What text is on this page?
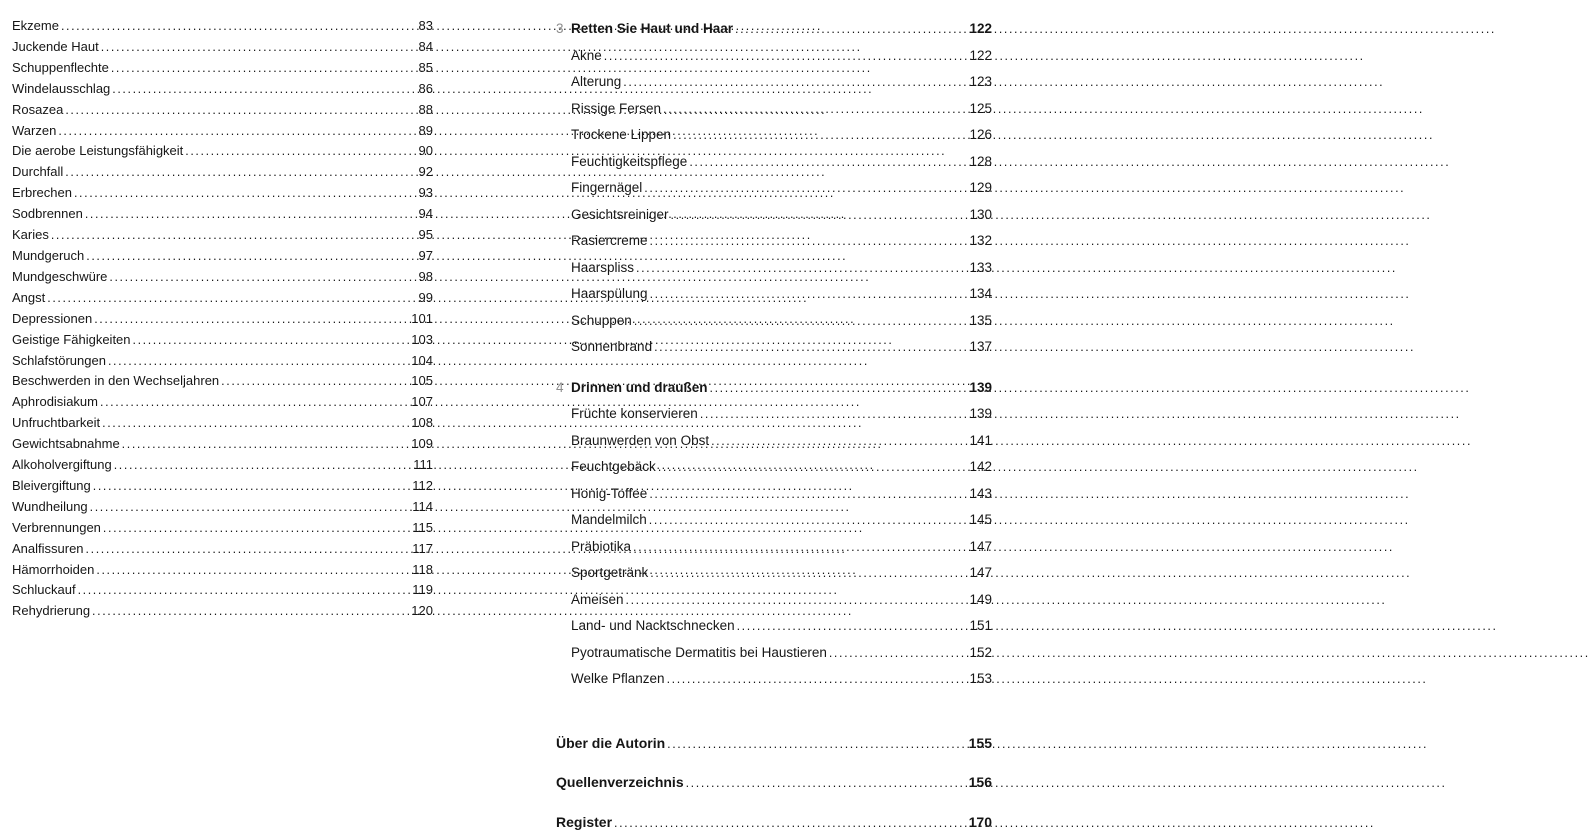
Ekzeme .....	83
Juckende Haut .....	84
Schuppenflechte .....	85
Windelausschlag .....	86
Rosazea .....	88
Warzen .....	89
Die aerobe Leistungsfähigkeit .....	90
Durchfall .....	92
Erbrechen .....	93
Sodbrennen .....	94
Karies .....	95
Mundgeruch .....	97
Mundgeschwüre .....	98
Angst .....	99
Depressionen .....	101
Geistige Fähigkeiten .....	103
Schlafstörungen .....	104
Beschwerden in den Wechseljahren .....	105
Aphrodisiakum .....	107
Unfruchtbarkeit .....	108
Gewichtsabnahme .....	109
Alkoholvergiftung .....	111
Bleivergiftung .....	112
Wundheilung .....	114
Verbrennungen .....	115
Analfissuren .....	117
Hämorrhoiden .....	118
Schluckauf .....	119
Rehydrierung .....	120
3 Retten Sie Haut und Haar .....	122
Akne .....	122
Alterung .....	123
Rissige Fersen .....	125
Trockene Lippen .....	126
Feuchtigkeitspflege .....	128
Fingernägel .....	129
Gesichtsreiniger .....	130
Rasiercreme .....	132
Haarspliss .....	133
Haarspülung .....	134
Schuppen .....	135
Sonnenbrand .....	137
4 Drinnen und draußen .....	139
Früchte konservieren .....	139
Braunwerden von Obst .....	141
Feuchtgebäck .....	142
Honig-Toffee .....	143
Mandelmilch .....	145
Präbiotika .....	147
Sportgetränk .....	147
Ameisen .....	149
Land- und Nacktschnecken .....	151
Pyotraumatische Dermatitis bei Haustieren .....	152
Welke Pflanzen .....	153
Über die Autorin .....	155
Quellenverzeichnis .....	156
Register .....	170
